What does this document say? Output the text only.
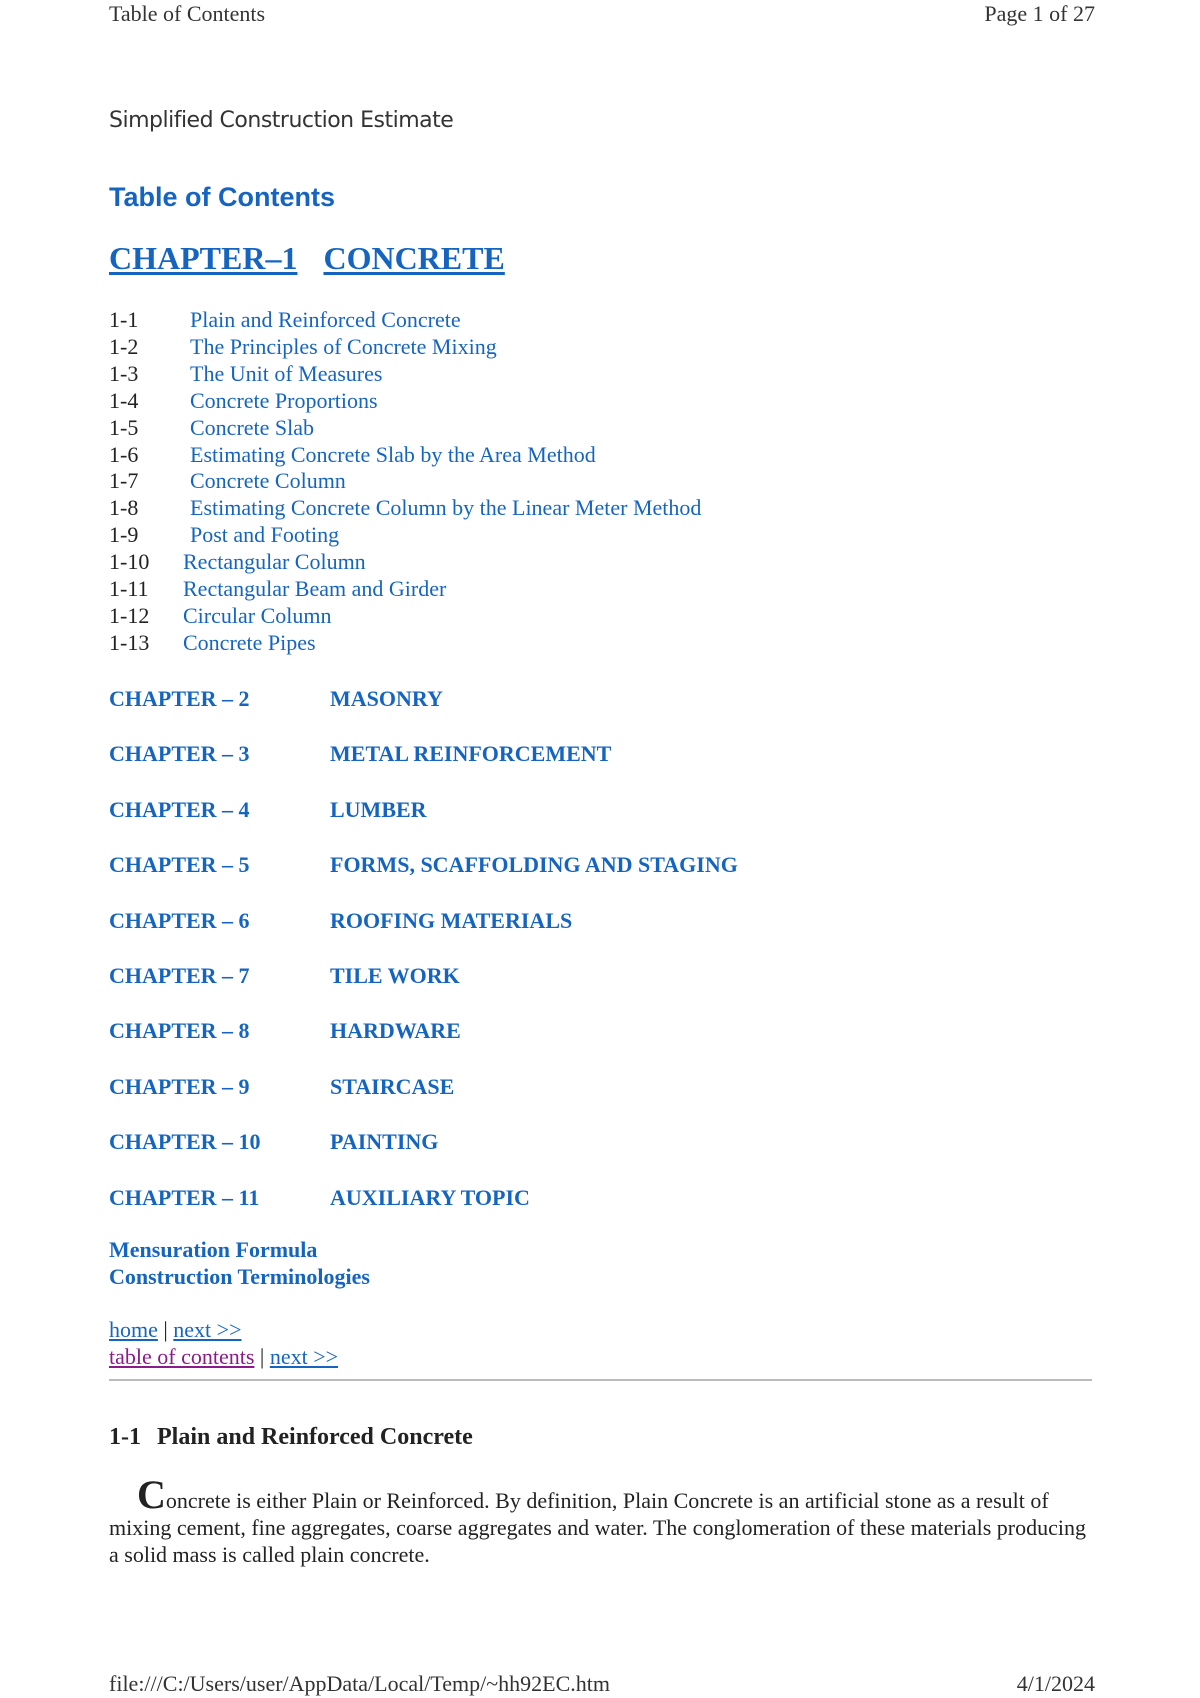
Table of Contents	Page 1 of 27
Simplified Construction Estimate
Table of Contents
CHAPTER–1 CONCRETE
1-1	Plain and Reinforced Concrete
1-2	The Principles of Concrete Mixing
1-3	The Unit of Measures
1-4	Concrete Proportions
1-5	Concrete Slab
1-6	Estimating Concrete Slab by the Area Method
1-7	Concrete Column
1-8	Estimating Concrete Column by the Linear Meter Method
1-9	Post and Footing
1-10	Rectangular Column
1-11	Rectangular Beam and Girder
1-12	Circular Column
1-13	Concrete Pipes
CHAPTER – 2	MASONRY
CHAPTER – 3	METAL REINFORCEMENT
CHAPTER – 4	LUMBER
CHAPTER – 5	FORMS, SCAFFOLDING AND STAGING
CHAPTER – 6	ROOFING MATERIALS
CHAPTER – 7	TILE WORK
CHAPTER – 8	HARDWARE
CHAPTER – 9	STAIRCASE
CHAPTER – 10	PAINTING
CHAPTER – 11	AUXILIARY TOPIC
Mensuration Formula
Construction Terminologies
home | next >>
table of contents | next >>
1-1 Plain and Reinforced Concrete
Concrete is either Plain or Reinforced. By definition, Plain Concrete is an artificial stone as a result of mixing cement, fine aggregates, coarse aggregates and water. The conglomeration of these materials producing a solid mass is called plain concrete.
file:///C:/Users/user/AppData/Local/Temp/~hh92EC.htm	4/1/2024
